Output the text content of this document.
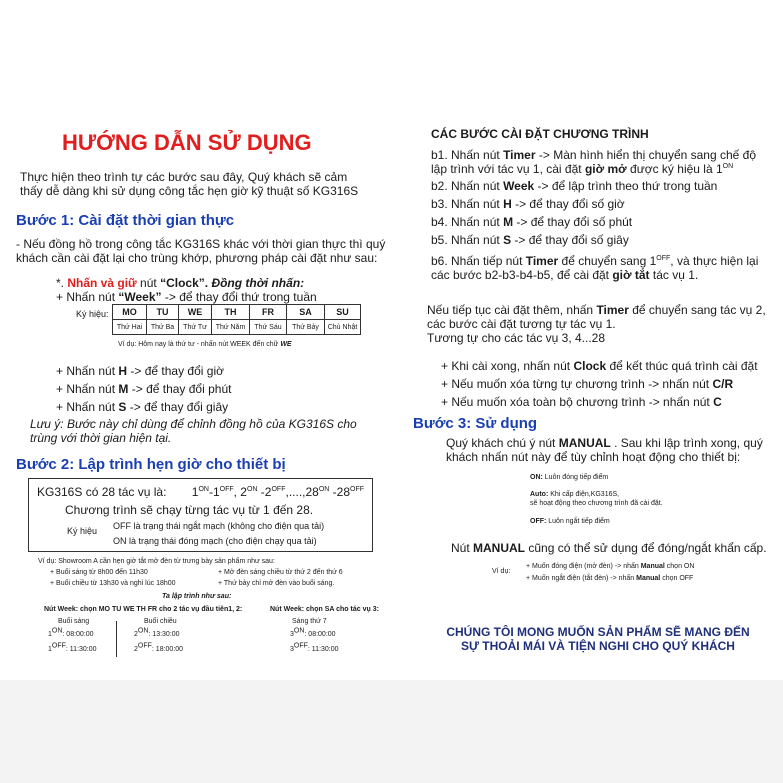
HƯỚNG DẪN SỬ DỤNG
Thực hiện theo trình tự các bước sau đây, Quý khách sẽ cảm
thấy dễ dàng khi sử dụng công tắc hẹn giờ kỹ thuật số KG316S
Bước 1: Cài đặt thời gian thực
- Nếu đồng hồ trong công tắc KG316S khác với thời gian thực thì quý
khách cần cài đặt lại cho trùng khớp, phương pháp cài đặt như sau:
*. Nhấn và giữ nút “Clock”. Đồng thời nhấn:
+ Nhấn nút “Week” -> để thay đổi thứ trong tuần
Ký hiệu: MO	TU	WE	TH	FR	SA	SU
Thứ Hai	Thứ Ba	Thứ Tư	Thứ Năm	Thứ Sáu	Thứ Bảy	Chủ Nhật
Ví dụ: Hôm nay là thứ tư - nhấn nút WEEK đến chữ WE
+ Nhấn nút H -> để thay đổi giờ
+ Nhấn nút M -> để thay đổi phút
+ Nhấn nút S -> để thay đổi giây
Lưu ý: Bước này chỉ dùng để chỉnh đồng hồ của KG316S cho
trùng với thời gian hiện tại.
Bước 2: Lập trình hẹn giờ cho thiết bị
KG316S có 28 tác vụ là: $1^{ON}-1^{OFF}$, $2^{ON}$ $-2^{OFF},....,28^{ON}$ $-28^{OFF}$
Chương trình sẽ chạy từng tác vụ từ 1 đến 28.
Ký hiệu OFF là trạng thái ngắt mạch (không cho điện qua tải)
ON là trạng thái đóng mạch (cho điện chạy qua tải)
Ví dụ: Showroom A cần hẹn giờ tắt mở đèn từ trưng bày sản phẩm như sau:
+ Buổi sáng từ 8h00 đến 11h30	+ Mở đèn sáng chiều từ thứ 2 đến thứ 6
+ Buổi chiều từ 13h30 và nghỉ lúc 18h00	+ Thứ bảy chỉ mở đèn vào buổi sáng.
Ta lập trình như sau:
Nút Week: chọn MO TU WE TH FR cho 2 tác vụ đầu tiên1, 2:	Nút Week: chọn SA cho tác vụ 3:
Buổi sáng
$1^{ON}$: 08:00:00
$1^{OFF}$: 11:30:00
Buổi chiều
$2^{ON}$: 13:30:00
$2^{OFF}$: 18:00:00
Sáng thứ 7
$3^{ON}$: 08:00:00
$3^{OFF}$: 11:30:00
CÁC BƯỚC CÀI ĐẶT CHƯƠNG TRÌNH
b1. Nhấn nút Timer -> Màn hình hiển thị chuyển sang chế độ
lập trình với tác vụ 1, cài đặt giờ mở được ký hiệu là $1^{ON}$
b2. Nhấn nút Week -> để lập trình theo thứ trong tuần
b3. Nhấn nút H -> để thay đổi số giờ
b4. Nhấn nút M -> để thay đổi số phút
b5. Nhấn nút S -> để thay đổi số giây
b6. Nhấn tiếp nút Timer để chuyển sang $1^{OFF}$, và thực hiện lại
các bước b2-b3-b4-b5, để cài đặt giờ tắt tác vụ 1.
Nếu tiếp tục cài đặt thêm, nhấn Timer để chuyển sang tác vụ 2,
các bước cài đặt tương tự tác vụ 1.
Tương tự cho các tác vụ 3, 4...28
+ Khi cài xong, nhấn nút Clock để kết thúc quá trình cài đặt
+ Nếu muốn xóa từng tự chương trình -> nhấn nút C/R
+ Nếu muốn xóa toàn bộ chương trình -> nhấn nút C
Bước 3: Sử dụng
Quý khách chú ý nút MANUAL . Sau khi lập trình xong, quý
khách nhấn nút này để tùy chỉnh hoạt động cho thiết bị:
ON: Luôn đóng tiếp điểm
Auto: Khi cấp điện,KG316S,
sẽ hoạt động theo chương trình đã cài đặt.
OFF: Luôn ngắt tiếp điểm
Nút MANUAL cũng có thể sử dụng để đóng/ngắt khẩn cấp.
Ví dụ:
+ Muốn đóng điện (mở đèn) -> nhấn Manual chọn ON
+ Muốn ngắt điện (tắt đèn) -> nhấn Manual chọn OFF
CHÚNG TÔI MONG MUỐN SẢN PHẨM SẼ MANG ĐẾN
SỰ THOẢI MÁI VÀ TIỆN NGHI CHO QUÝ KHÁCH
